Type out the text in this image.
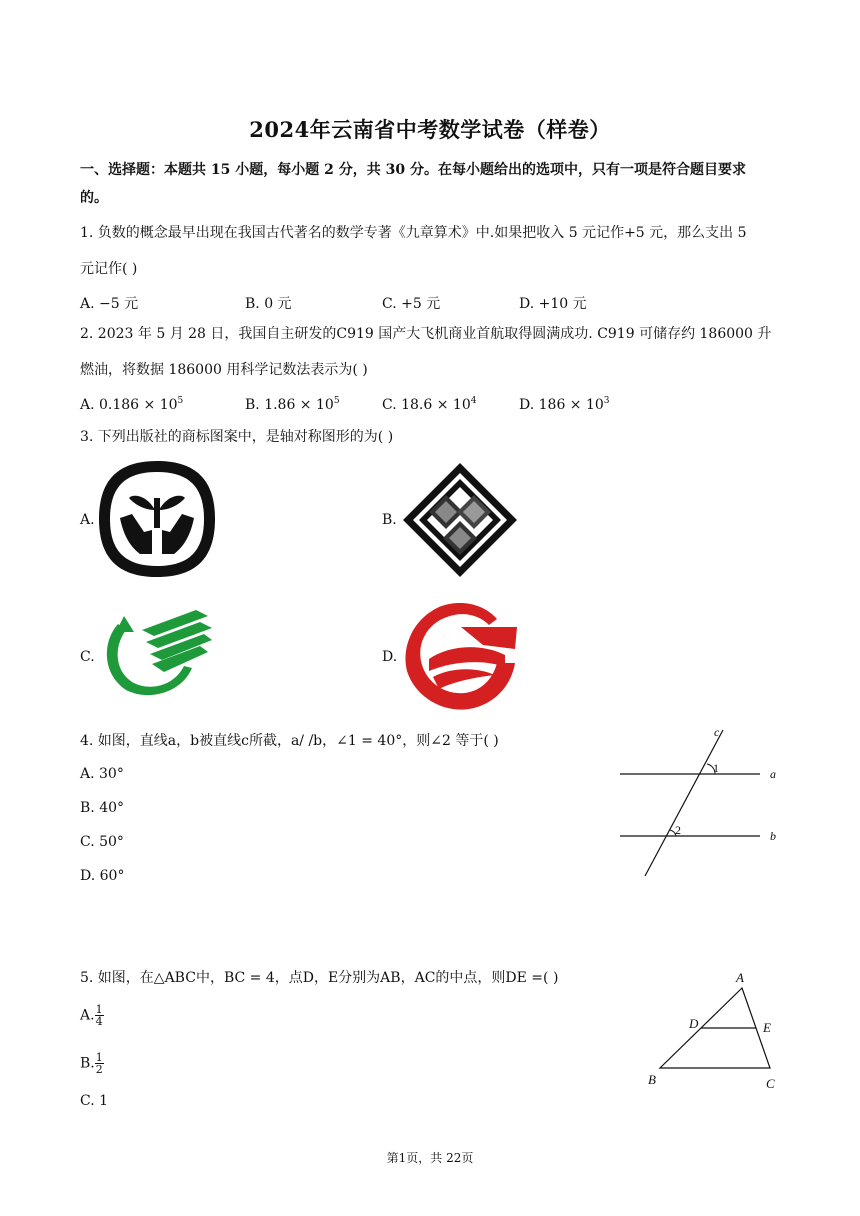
2024年云南省中考数学试卷（样卷）
一、选择题：本题共 15 小题，每小题 2 分，共 30 分。在每小题给出的选项中，只有一项是符合题目要求
的。
1. 负数的概念最早出现在我国古代著名的数学专著《九章算术》中.如果把收入 5 元记作+5 元，那么支出 5
元记作( )
A. −5 元	B. 0 元	C. +5 元	D. +10 元
2. 2023 年 5 月 28 日，我国自主研发的C919 国产大飞机商业首航取得圆满成功. C919 可储存约 186000 升
燃油，将数据 186000 用科学记数法表示为( )
A. $0.186 \times 10^5$	B. $1.86 \times 10^5$	C. $18.6 \times 10^4$	D. $186 \times 10^3$
3. 下列出版社的商标图案中，是轴对称图形的为( )
A.	B.
C.	D.
4. 如图，直线a，b被直线c所截，a/ /b，∠1 = 40°，则∠2 等于( )
A. 30°
B. 40°
C. 50°
D. 60°
c
a
b
1
2
5. 如图，在△ABC中，BC = 4，点D，E分别为AB，AC的中点，则DE =( )
A. $\frac{1}{4}$
B. $\frac{1}{2}$
C. 1
A
B	C
D	E
第1页，共 22页
